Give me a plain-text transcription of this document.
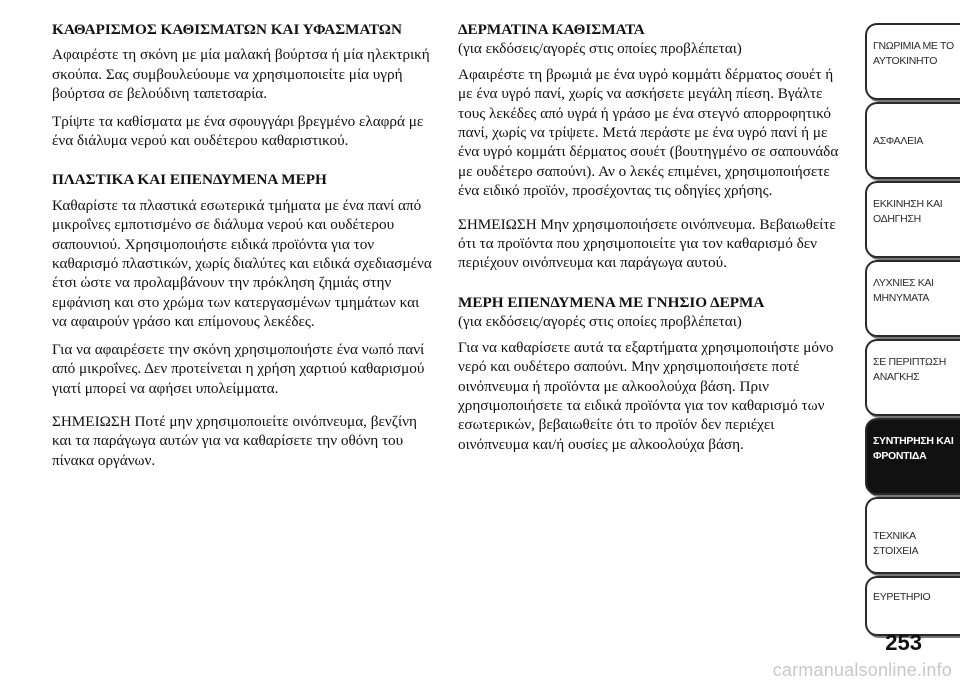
ΚΑΘΑΡΙΣΜΟΣ ΚΑΘΙΣΜΑΤΩΝ ΚΑΙ ΥΦΑΣΜΑΤΩΝ

Αφαιρέστε τη σκόνη με μία μαλακή βούρτσα ή μία ηλεκτρική σκούπα. Σας συμβουλεύουμε να χρησιμοποιείτε μία υγρή βούρτσα σε βελούδινη ταπετσαρία.

Τρίψτε τα καθίσματα με ένα σφουγγάρι βρεγμένο ελαφρά με ένα διάλυμα νερού και ουδέτερου καθαριστικού.

ΠΛΑΣΤΙΚΑ ΚΑΙ ΕΠΕΝΔΥΜΕΝΑ ΜΕΡΗ

Καθαρίστε τα πλαστικά εσωτερικά τμήματα με ένα πανί από μικροΐνες εμποτισμένο σε διάλυμα νερού και ουδέτερου σαπουνιού. Χρησιμοποιήστε ειδικά προϊόντα για τον καθαρισμό πλαστικών, χωρίς διαλύτες και ειδικά σχεδιασμένα έτσι ώστε να προλαμβάνουν την πρόκληση ζημιάς στην εμφάνιση και στο χρώμα των κατεργασμένων τμημάτων και να αφαιρούν γράσο και επίμονους λεκέδες.

Για να αφαιρέσετε την σκόνη χρησιμοποιήστε ένα νωπό πανί από μικροΐνες. Δεν προτείνεται η χρήση χαρτιού καθαρισμού γιατί μπορεί να αφήσει υπολείμματα.

ΣΗΜΕΙΩΣΗ Ποτέ μην χρησιμοποιείτε οινόπνευμα, βενζίνη και τα παράγωγα αυτών για να καθαρίσετε την οθόνη του πίνακα οργάνων.

ΔΕΡΜΑΤΙΝΑ ΚΑΘΙΣΜΑΤΑ

(για εκδόσεις/αγορές στις οποίες προβλέπεται)

Αφαιρέστε τη βρωμιά με ένα υγρό κομμάτι δέρματος σουέτ ή με ένα υγρό πανί, χωρίς να ασκήσετε μεγάλη πίεση. Βγάλτε τους λεκέδες από υγρά ή γράσο με ένα στεγνό απορροφητικό πανί, χωρίς να τρίψετε. Μετά περάστε με ένα υγρό πανί ή με ένα υγρό κομμάτι δέρματος σουέτ (βουτηγμένο σε σαπουνάδα με ουδέτερο σαπούνι). Αν ο λεκές επιμένει, χρησιμοποιήσετε ένα ειδικό προϊόν, προσέχοντας τις οδηγίες χρήσης.

ΣΗΜΕΙΩΣΗ Μην χρησιμοποιήσετε οινόπνευμα. Βεβαιωθείτε ότι τα προϊόντα που χρησιμοποιείτε για τον καθαρισμό δεν περιέχουν οινόπνευμα και παράγωγα αυτού.

ΜΕΡΗ ΕΠΕΝΔΥΜΕΝΑ ΜΕ ΓΝΗΣΙΟ ΔΕΡΜΑ

(για εκδόσεις/αγορές στις οποίες προβλέπεται)

Για να καθαρίσετε αυτά τα εξαρτήματα χρησιμοποιήστε μόνο νερό και ουδέτερο σαπούνι. Μην χρησιμοποιήσετε ποτέ οινόπνευμα ή προϊόντα με αλκοολούχα βάση. Πριν χρησιμοποιήσετε τα ειδικά προϊόντα για τον καθαρισμό των εσωτερικών, βεβαιωθείτε ότι το προϊόν δεν περιέχει οινόπνευμα και/ή ουσίες με αλκοολούχα βάση.

ΓΝΩΡΙΜΙΑ ΜΕ ΤΟ
ΑΥΤΟΚΙΝΗΤΟ
ΑΣΦΑΛΕΙΑ
ΕΚΚΙΝΗΣΗ ΚΑΙ
ΟΔΗΓΗΣΗ
ΛΥΧΝΙΕΣ ΚΑΙ
ΜΗΝΥΜΑΤΑ
ΣΕ ΠΕΡΙΠΤΩΣΗ
ΑΝΑΓΚΗΣ
ΣΥΝΤΗΡΗΣΗ ΚΑΙ
ΦΡΟΝΤΙΔΑ
ΤΕΧΝΙΚΑ ΣΤΟΙΧΕΙΑ
ΕΥΡΕΤΗΡΙΟ
253
carmanualsonline.info
